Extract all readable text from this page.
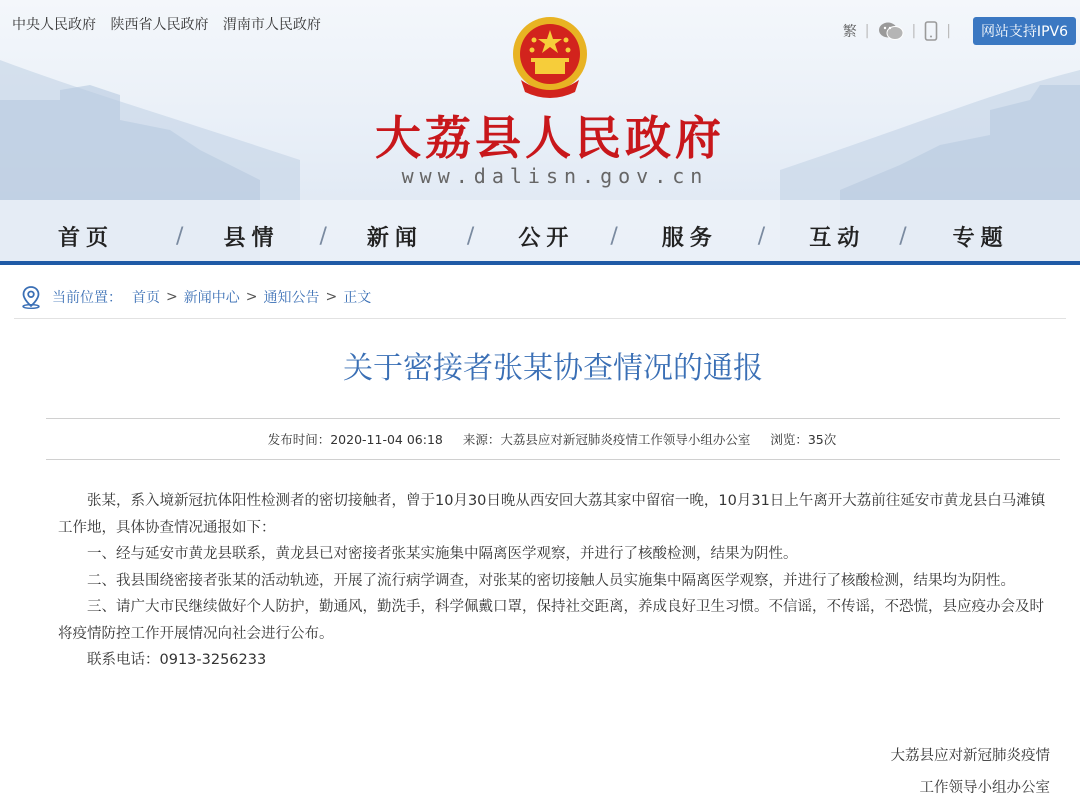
中央人民政府 陕西省人民政府 渭南市人民政府	繁 |	| |	网站支持IPV6
大荔县人民政府
www.dalisn.gov.cn
首页	/ 县情 / 新闻 / 公开 / 服务 / 互动 / 专题
当前位置： 首页 > 新闻中心 > 通知公告 > 正文
关于密接者张某协查情况的通报
发布时间：2020-11-04 06:18 来源：大荔县应对新冠肺炎疫情工作领导小组办公室 浏览：35次

张某，系入境新冠抗体阳性检测者的密切接触者，曾于10月30日晚从西安回大荔其家中留宿一晚，10月31日上午离开大荔前往延安市黄龙县白马滩镇工作地，具体协查情况通报如下：

一、经与延安市黄龙县联系，黄龙县已对密接者张某实施集中隔离医学观察，并进行了核酸检测，结果为阴性。

二、我县围绕密接者张某的活动轨迹，开展了流行病学调查，对张某的密切接触人员实施集中隔离医学观察，并进行了核酸检测，结果均为阴性。

三、请广大市民继续做好个人防护，勤通风，勤洗手，科学佩戴口罩，保持社交距离，养成良好卫生习惯。不信谣，不传谣，不恐慌，县应疫办会及时将疫情防控工作开展情况向社会进行公布。

联系电话：0913-3256233

大荔县应对新冠肺炎疫情
工作领导小组办公室
